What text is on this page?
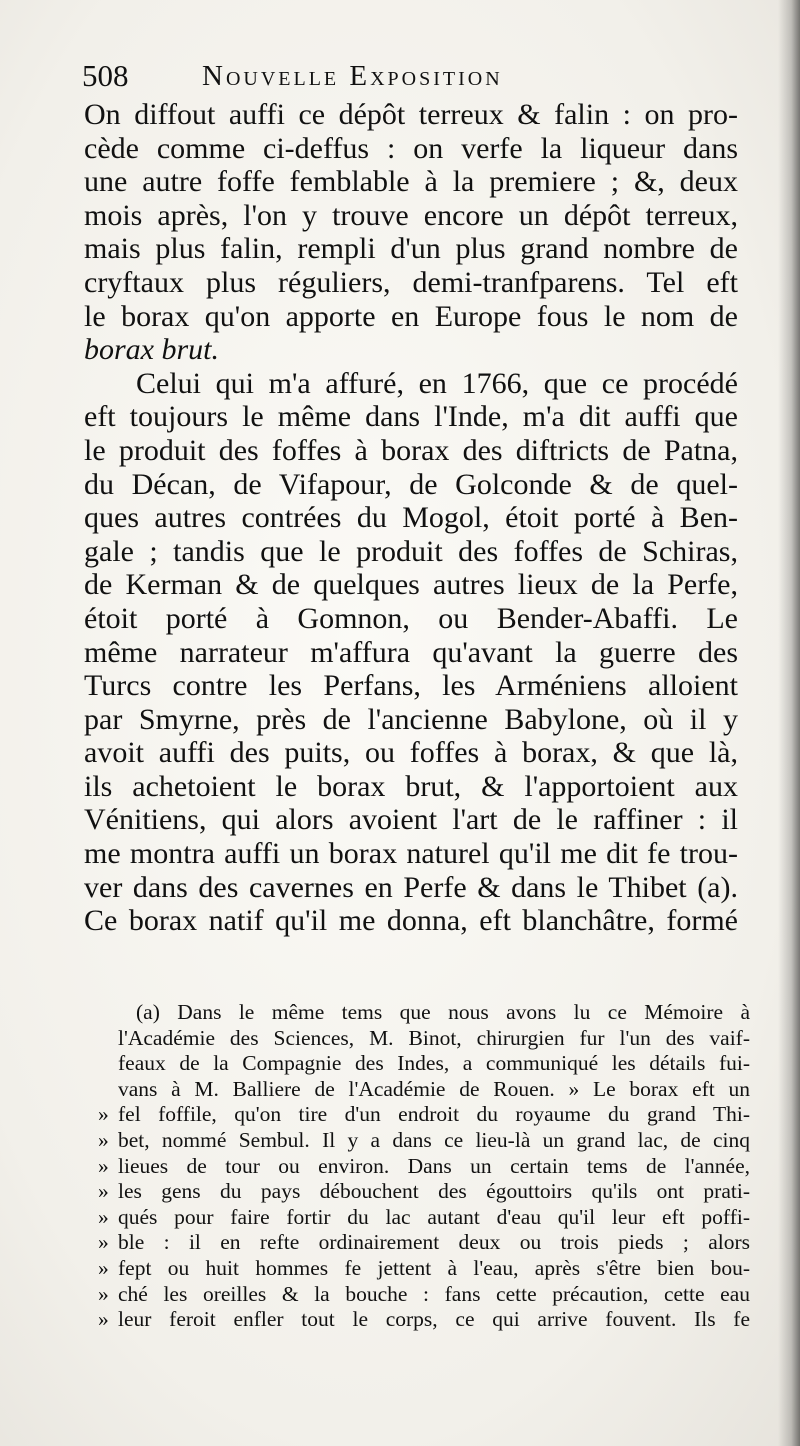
508	Nouvelle Exposition
On diffout auffi ce dépôt terreux & falin : on pro-
cède comme ci-deffus : on verfe la liqueur dans
une autre foffe femblable à la premiere ; &, deux
mois après, l'on y trouve encore un dépôt terreux,
mais plus falin, rempli d'un plus grand nombre de
cryftaux plus réguliers, demi-tranfparens. Tel eft
le borax qu'on apporte en Europe fous le nom de
borax brut.
Celui qui m'a affuré, en 1766, que ce procédé
eft toujours le même dans l'Inde, m'a dit auffi que
le produit des foffes à borax des diftricts de Patna,
du Décan, de Vifapour, de Golconde & de quel-
ques autres contrées du Mogol, étoit porté à Ben-
gale ; tandis que le produit des foffes de Schiras,
de Kerman & de quelques autres lieux de la Perfe,
étoit porté à Gomnon, ou Bender-Abaffi. Le
même narrateur m'affura qu'avant la guerre des
Turcs contre les Perfans, les Arméniens alloient
par Smyrne, près de l'ancienne Babylone, où il y
avoit auffi des puits, ou foffes à borax, & que là,
ils achetoient le borax brut, & l'apportoient aux
Vénitiens, qui alors avoient l'art de le raffiner : il
me montra auffi un borax naturel qu'il me dit fe trou-
ver dans des cavernes en Perfe & dans le Thibet (a).
Ce borax natif qu'il me donna, eft blanchâtre, formé
(a) Dans le même tems que nous avons lu ce Mémoire à
l'Académie des Sciences, M. Binot, chirurgien fur l'un des vaif-
feaux de la Compagnie des Indes, a communiqué les détails fui-
vans à M. Balliere de l'Académie de Rouen. » Le borax eft un
» fel foffile, qu'on tire d'un endroit du royaume du grand Thi-
» bet, nommé Sembul. Il y a dans ce lieu-là un grand lac, de cinq
» lieues de tour ou environ. Dans un certain tems de l'année,
» les gens du pays débouchent des égouttoirs qu'ils ont prati-
» qués pour faire fortir du lac autant d'eau qu'il leur eft poffi-
» ble : il en refte ordinairement deux ou trois pieds ; alors
» fept ou huit hommes fe jettent à l'eau, après s'être bien bou-
» ché les oreilles & la bouche : fans cette précaution, cette eau
» leur feroit enfler tout le corps, ce qui arrive fouvent. Ils fe
